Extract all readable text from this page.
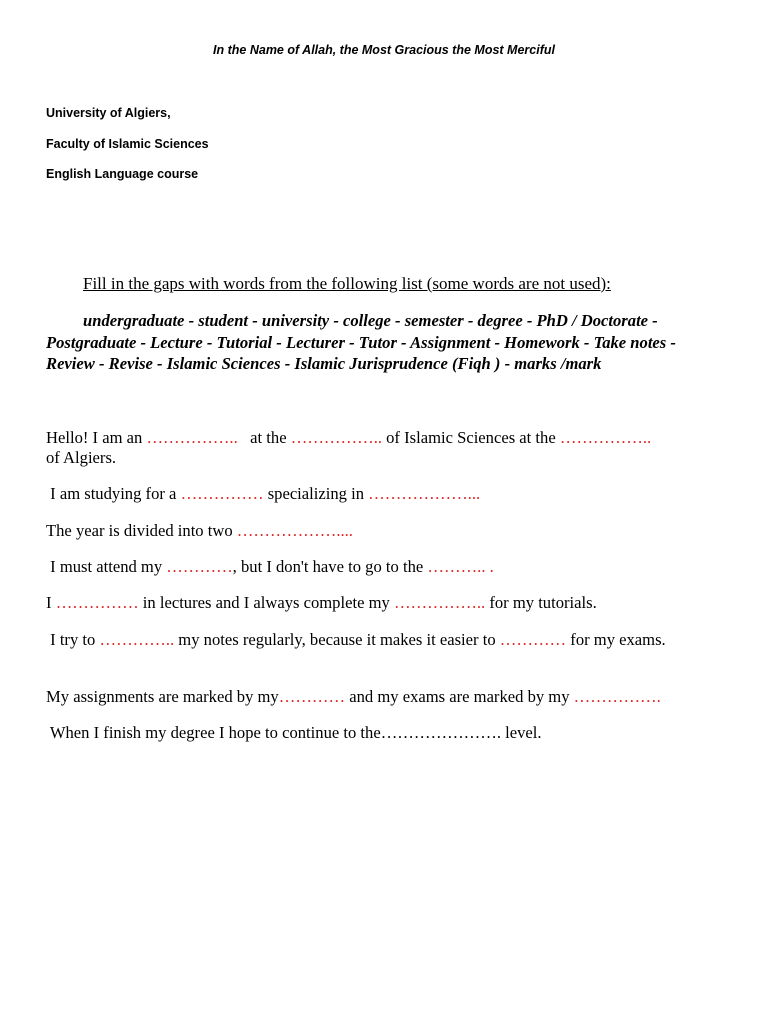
In the Name of Allah, the Most Gracious the Most Merciful
University of Algiers,
Faculty of Islamic Sciences
English Language course
Fill in the gaps with words from the following list (some words are not used):

undergraduate - student - university - college - semester - degree - PhD / Doctorate - Postgraduate - Lecture - Tutorial - Lecturer - Tutor - Assignment - Homework - Take notes - Review - Revise - Islamic Sciences - Islamic Jurisprudence (Fiqh ) - marks /mark

Hello! I am an ……………..   at the …………….. of Islamic Sciences at the ……………..
of Algiers.

I am studying for a …………… specializing in ………………...

The year is divided into two ………………....

I must attend my …………, but I don't have to go to the ……….. .

I …………… in lectures and I always complete my …………….. for my tutorials.

I try to ………….. my notes regularly, because it makes it easier to ………… for my exams.

My assignments are marked by my………… and my exams are marked by my …………….

When I finish my degree I hope to continue to the…………………. level.
